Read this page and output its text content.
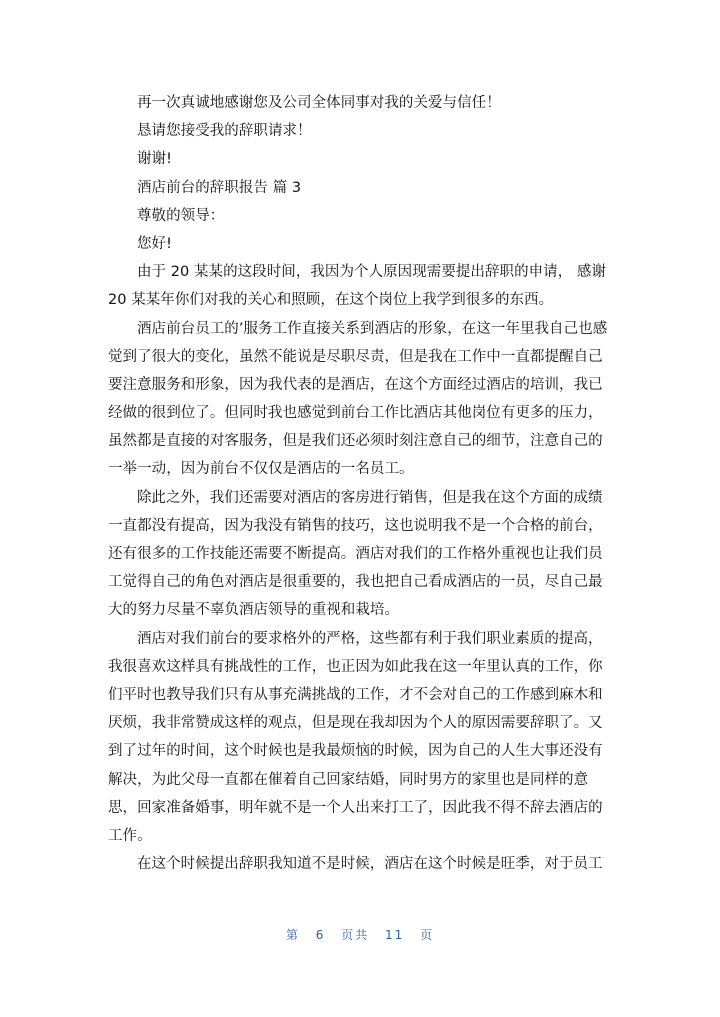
再一次真诚地感谢您及公司全体同事对我的关爱与信任！
恳请您接受我的辞职请求！
谢谢!
酒店前台的辞职报告 篇 3
尊敬的领导：
您好!
由于 20 某某的这段时间，我因为个人原因现需要提出辞职的申请， 感谢
20 某某年你们对我的关心和照顾，在这个岗位上我学到很多的东西。
酒店前台员工的’服务工作直接关系到酒店的形象，在这一年里我自己也感
觉到了很大的变化，虽然不能说是尽职尽责，但是我在工作中一直都提醒自己
要注意服务和形象，因为我代表的是酒店，在这个方面经过酒店的培训，我已
经做的很到位了。但同时我也感觉到前台工作比酒店其他岗位有更多的压力，
虽然都是直接的对客服务，但是我们还必须时刻注意自己的细节，注意自己的
一举一动，因为前台不仅仅是酒店的一名员工。
除此之外，我们还需要对酒店的客房进行销售，但是我在这个方面的成绩
一直都没有提高，因为我没有销售的技巧，这也说明我不是一个合格的前台，
还有很多的工作技能还需要不断提高。酒店对我们的工作格外重视也让我们员
工觉得自己的角色对酒店是很重要的，我也把自己看成酒店的一员，尽自己最
大的努力尽量不辜负酒店领导的重视和栽培。
酒店对我们前台的要求格外的严格，这些都有利于我们职业素质的提高，
我很喜欢这样具有挑战性的工作，也正因为如此我在这一年里认真的工作，你
们平时也教导我们只有从事充满挑战的工作，才不会对自己的工作感到麻木和
厌烦，我非常赞成这样的观点，但是现在我却因为个人的原因需要辞职了。又
到了过年的时间，这个时候也是我最烦恼的时候，因为自己的人生大事还没有
解决，为此父母一直都在催着自己回家结婚，同时男方的家里也是同样的意
思，回家准备婚事，明年就不是一个人出来打工了，因此我不得不辞去酒店的
工作。
在这个时候提出辞职我知道不是时候，酒店在这个时候是旺季，对于员工
第 6 页共 11 页
